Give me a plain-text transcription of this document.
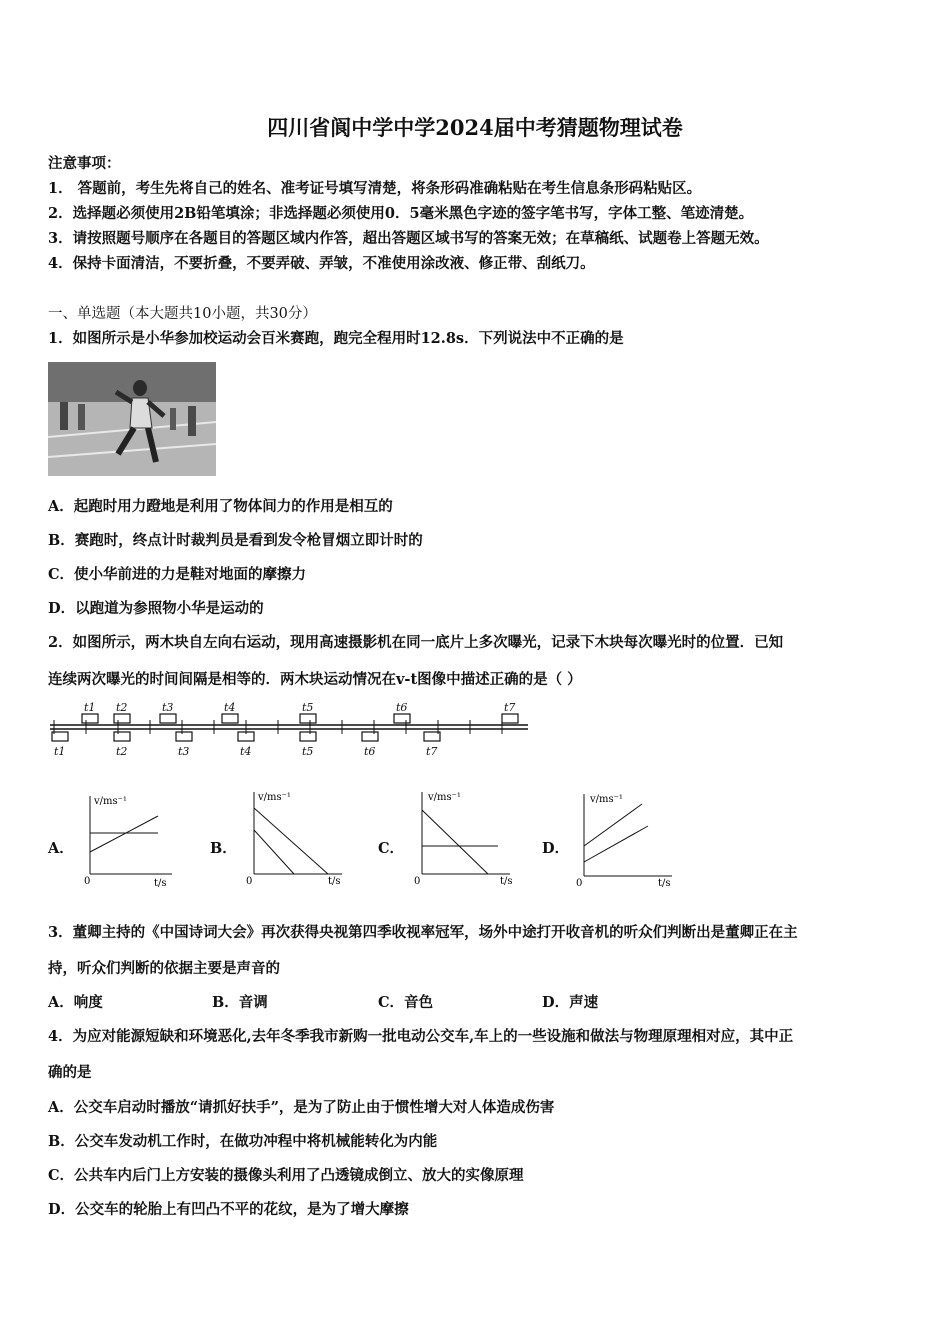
四川省阆中学中学2024届中考猜题物理试卷
注意事项：
1． 答题前，考生先将自己的姓名、准考证号填写清楚，将条形码准确粘贴在考生信息条形码粘贴区。
2．选择题必须使用2B铅笔填涂；非选择题必须使用0．5毫米黑色字迹的签字笔书写，字体工整、笔迹清楚。
3．请按照题号顺序在各题目的答题区域内作答，超出答题区域书写的答案无效；在草稿纸、试题卷上答题无效。
4．保持卡面清洁，不要折叠，不要弄破、弄皱，不准使用涂改液、修正带、刮纸刀。
一、单选题（本大题共10小题，共30分）
1．如图所示是小华参加校运动会百米赛跑，跑完全程用时12.8s．下列说法中不正确的是
A．起跑时用力蹬地是利用了物体间力的作用是相互的
B．赛跑时，终点计时裁判员是看到发令枪冒烟立即计时的
C．使小华前进的力是鞋对地面的摩擦力
D．以跑道为参照物小华是运动的
2．如图所示，两木块自左向右运动，现用高速摄影机在同一底片上多次曝光，记录下木块每次曝光时的位置．已知
连续两次曝光的时间间隔是相等的．两木块运动情况在v-t图像中描述正确的是（ ）
t1 t2	t3	t4	t5	t6	t7
t1	t2	t3	t4	t5	t6	t7
A．
v/ms⁻¹
t/s
0
B．
v/ms⁻¹
t/s
0
C．
v/ms⁻¹
t/s
0
D．
v/ms⁻¹
t/s
0
3．董卿主持的《中国诗词大会》再次获得央视第四季收视率冠军，场外中途打开收音机的听众们判断出是董卿正在主
持，听众们判断的依据主要是声音的
A．响度	B．音调	C．音色	D．声速
4．为应对能源短缺和环境恶化,去年冬季我市新购一批电动公交车,车上的一些设施和做法与物理原理相对应，其中正
确的是
A．公交车启动时播放“请抓好扶手”，是为了防止由于惯性增大对人体造成伤害
B．公交车发动机工作时，在做功冲程中将机械能转化为内能
C．公共车内后门上方安装的摄像头利用了凸透镜成倒立、放大的实像原理
D．公交车的轮胎上有凹凸不平的花纹，是为了增大摩擦
